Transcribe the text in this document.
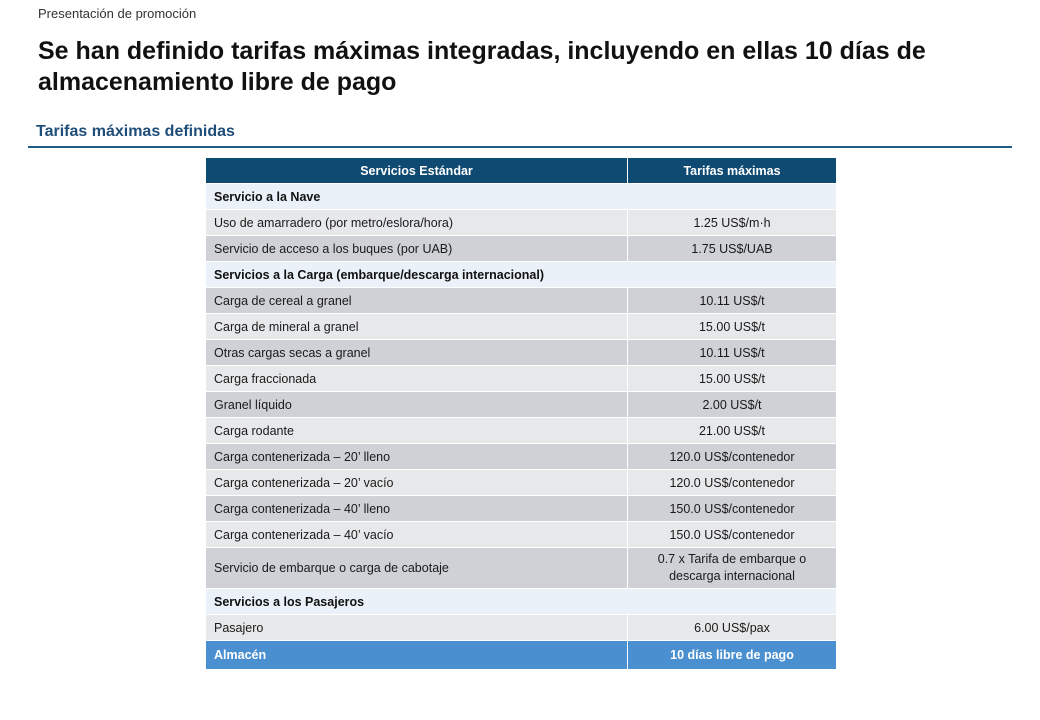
Presentación de promoción
Se han definido tarifas máximas integradas, incluyendo en ellas 10 días de almacenamiento libre de pago
Tarifas máximas definidas
Servicios Estándar	Tarifas máximas
Servicio a la Nave	
Uso de amarradero (por metro/eslora/hora)	1.25 US$/m·h
Servicio de acceso a los buques (por UAB)	1.75 US$/UAB
Servicios a la Carga (embarque/descarga internacional)	
Carga de cereal a granel	10.11 US$/t
Carga de mineral a granel	15.00 US$/t
Otras cargas secas a granel	10.11 US$/t
Carga fraccionada	15.00 US$/t
Granel líquido	2.00 US$/t
Carga rodante	21.00 US$/t
Carga contenerizada – 20’ lleno	120.0 US$/contenedor
Carga contenerizada – 20’ vacío	120.0 US$/contenedor
Carga contenerizada – 40’ lleno	150.0 US$/contenedor
Carga contenerizada – 40’ vacío	150.0 US$/contenedor
Servicio de embarque o carga de cabotaje	0.7 x Tarifa de embarque o descarga internacional
Servicios a los Pasajeros	
Pasajero	6.00 US$/pax
Almacén	10 días libre de pago
